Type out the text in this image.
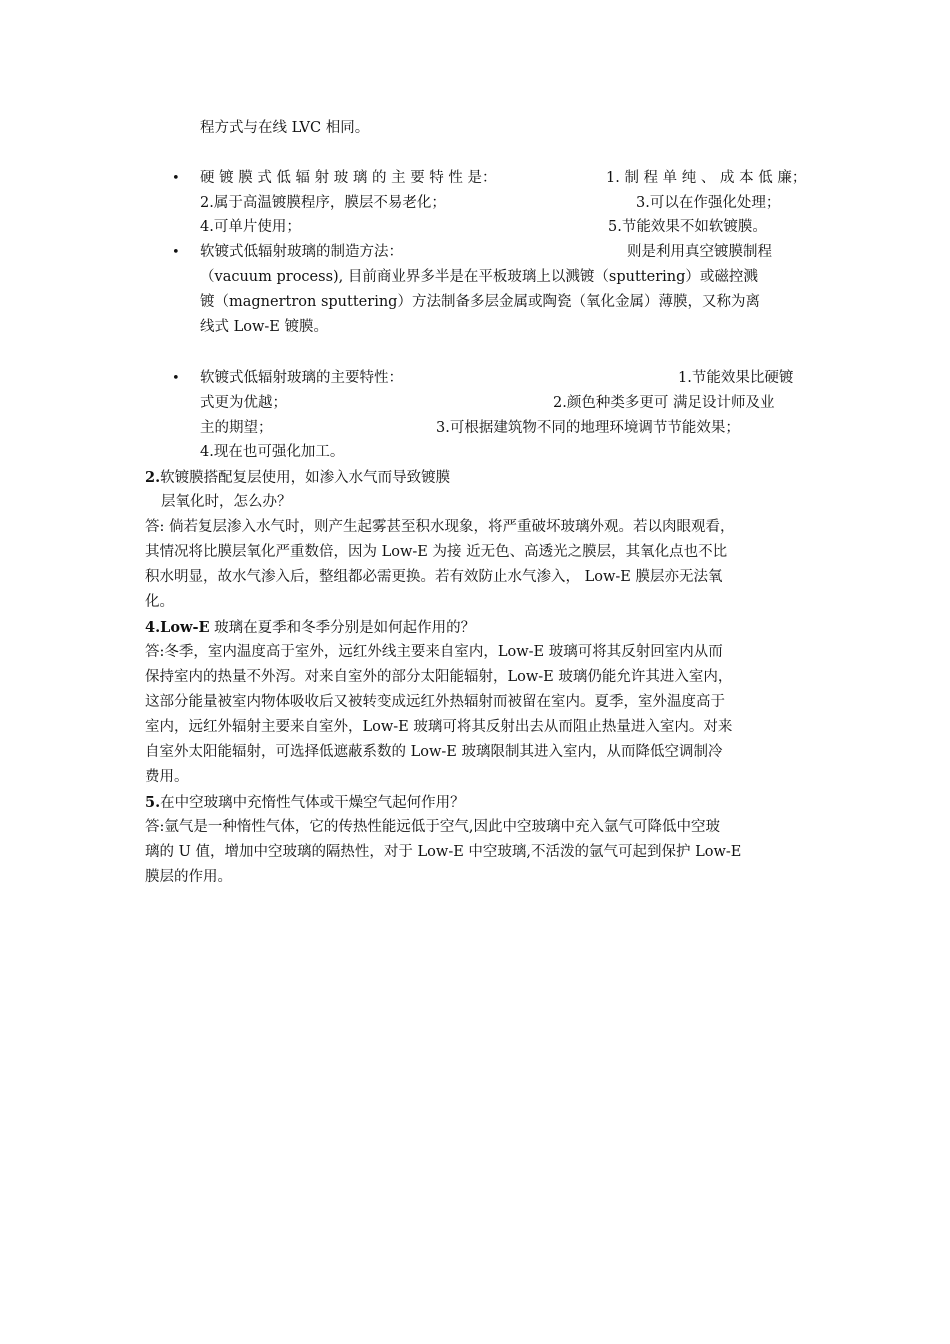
程方式与在线 LVC 相同。
• 硬 镀 膜 式 低 辐 射 玻 璃 的 主 要 特 性 是：	1. 制 程 单 纯 、 成 本 低 廉；
2.属于高温镀膜程序，膜层不易老化；	3.可以在作强化处理；
4.可单片使用；	5.节能效果不如软镀膜。
• 软镀式低辐射玻璃的制造方法：	则是利用真空镀膜制程
（vacuum process), 目前商业界多半是在平板玻璃上以溅镀（sputtering）或磁控溅
镀（magnertron sputtering）方法制备多层金属或陶瓷（氧化金属）薄膜，又称为离
线式 Low-E 镀膜。
• 软镀式低辐射玻璃的主要特性：	1.节能效果比硬镀
式更为优越；	2.颜色种类多更可 满足设计师及业
主的期望；	3.可根据建筑物不同的地理环境调节节能效果；
4.现在也可强化加工。
2.软镀膜搭配复层使用，如渗入水气而导致镀膜
层氧化时，怎么办？
答: 倘若复层渗入水气时，则产生起雾甚至积水现象，将严重破坏玻璃外观。若以肉眼观看，
其情况将比膜层氧化严重数倍，因为 Low-E 为接 近无色、高透光之膜层，其氧化点也不比
积水明显，故水气渗入后，整组都必需更换。若有效防止水气渗入， Low-E 膜层亦无法氧
化。
4.Low-E 玻璃在夏季和冬季分别是如何起作用的？
答:冬季，室内温度高于室外，远红外线主要来自室内，Low-E 玻璃可将其反射回室内从而
保持室内的热量不外泻。对来自室外的部分太阳能辐射，Low-E 玻璃仍能允许其进入室内，
这部分能量被室内物体吸收后又被转变成远红外热辐射而被留在室内。夏季，室外温度高于
室内，远红外辐射主要来自室外，Low-E 玻璃可将其反射出去从而阻止热量进入室内。对来
自室外太阳能辐射，可选择低遮蔽系数的 Low-E 玻璃限制其进入室内，从而降低空调制冷
费用。
5.在中空玻璃中充惰性气体或干燥空气起何作用？
答:氩气是一种惰性气体，它的传热性能远低于空气,因此中空玻璃中充入氩气可降低中空玻
璃的 U 值，增加中空玻璃的隔热性，对于 Low-E 中空玻璃,不活泼的氩气可起到保护 Low-E
膜层的作用。
